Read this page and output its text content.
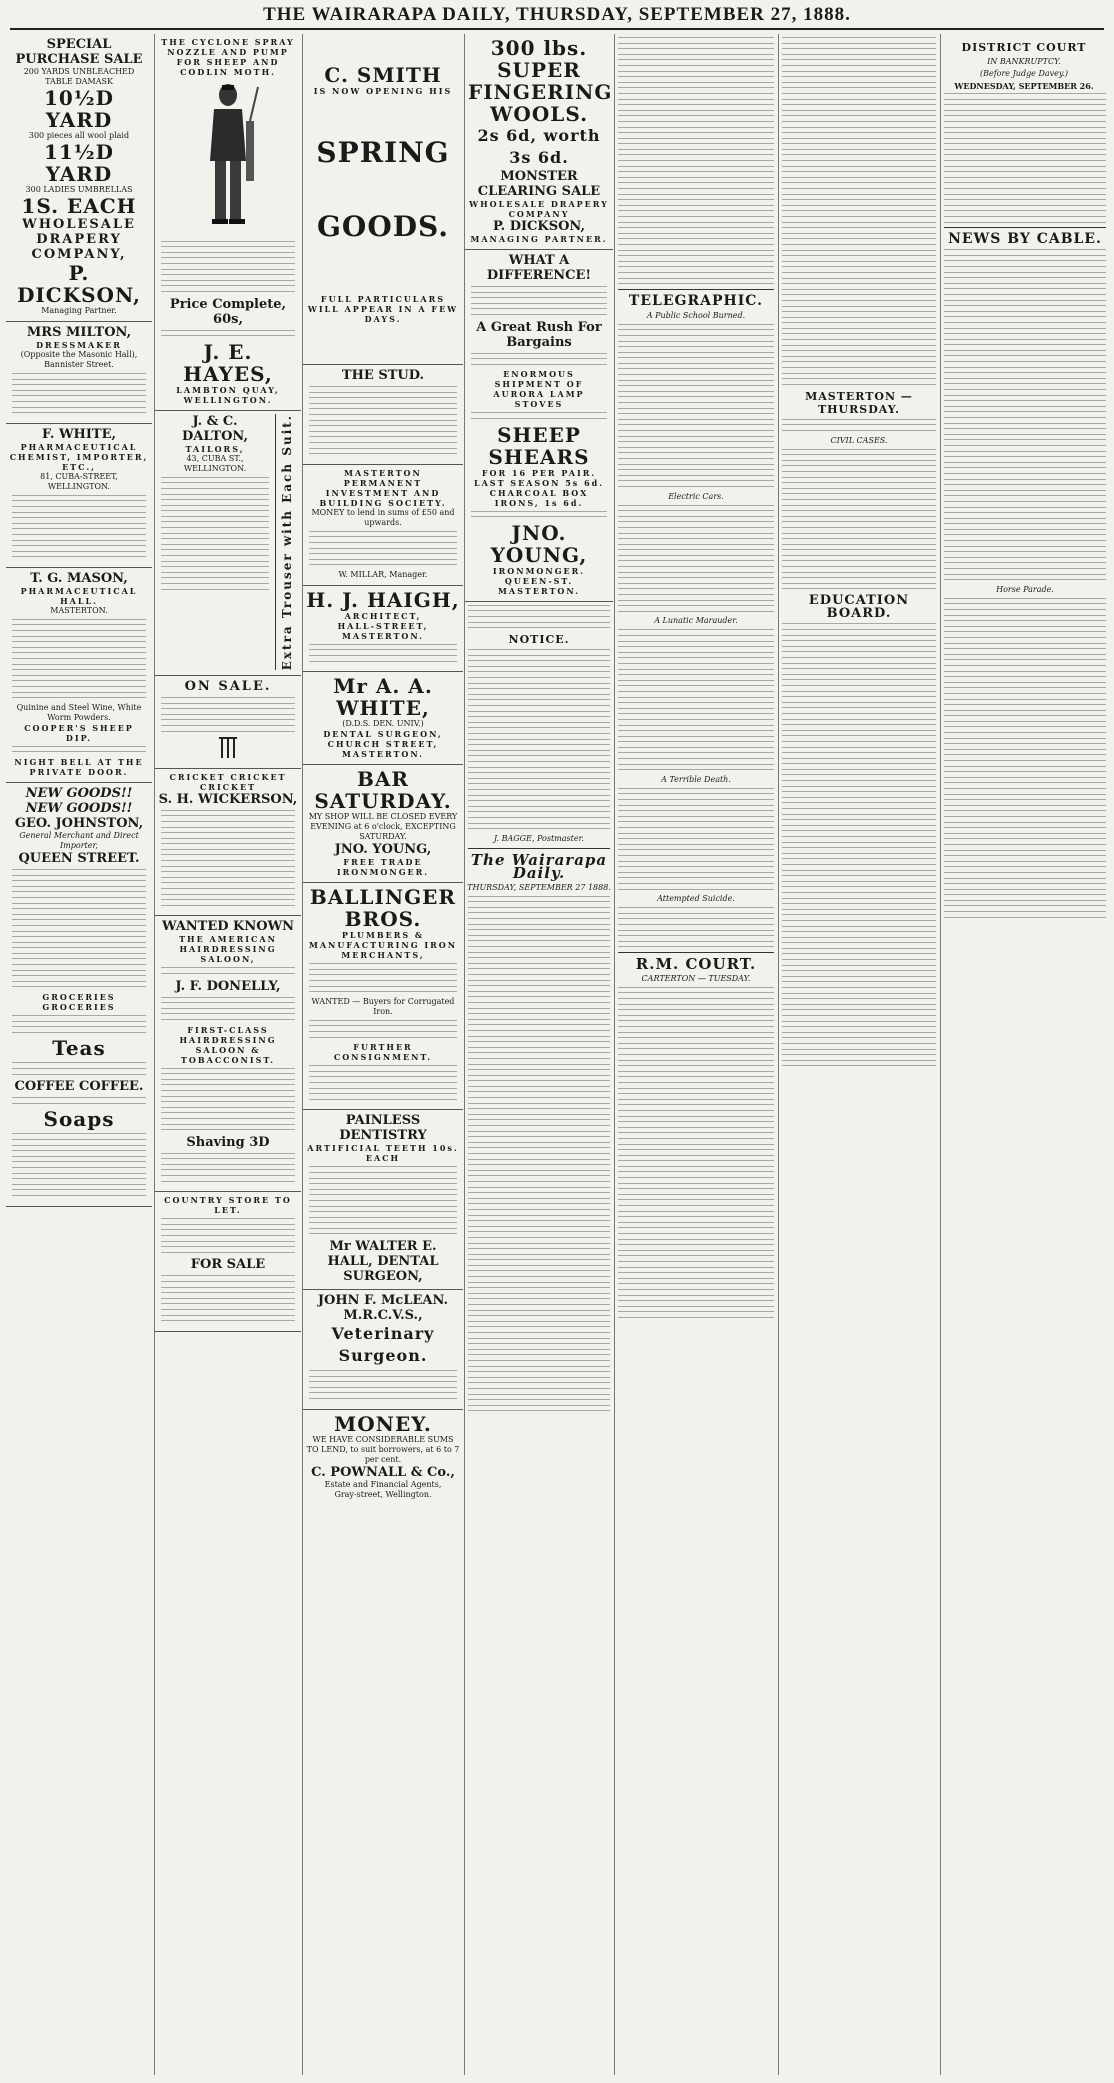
THE WAIRARAPA DAILY, THURSDAY, SEPTEMBER 27, 1888.
SPECIAL PURCHASE SALE
200 YARDS UNBLEACHED TABLE DAMASK
10½D YARD
300 pieces all wool plaid
11½D YARD
300 LADIES UMBRELLAS
1S. EACH
WHOLESALE DRAPERY COMPANY,
P. DICKSON,
Managing Partner.
MRS MILTON,
DRESSMAKER
(Opposite the Masonic Hall), Bannister Street.
F. WHITE,
PHARMACEUTICAL CHEMIST, IMPORTER, ETC.,
81, CUBA-STREET, WELLINGTON.
T. G. MASON,
PHARMACEUTICAL HALL.
MASTERTON.
Quinine and Steel Wine, White Worm Powders.
COOPER'S SHEEP DIP.
NIGHT BELL AT THE PRIVATE DOOR.
NEW GOODS!! NEW GOODS!!
GEO. JOHNSTON,
General Merchant and Direct Importer,
QUEEN STREET.
GROCERIES GROCERIES
Teas
COFFEE COFFEE.
Soaps
THE CYCLONE SPRAY NOZZLE AND PUMP FOR SHEEP AND CODLIN MOTH.
Price Complete, 60s,
J. E. HAYES,
LAMBTON QUAY, WELLINGTON.
J. & C. DALTON,
TAILORS,
43, CUBA ST., WELLINGTON.	Extra Trouser with Each Suit.
ON SALE.
CRICKET CRICKET CRICKET
S. H. WICKERSON,
WANTED KNOWN
THE AMERICAN HAIRDRESSING SALOON,
J. F. DONELLY,
FIRST-CLASS HAIRDRESSING SALOON & TOBACCONIST.
Shaving 3D
COUNTRY STORE TO LET.
FOR SALE
C. SMITH
IS NOW OPENING HIS
SPRING
GOODS.
FULL PARTICULARS WILL APPEAR IN A FEW DAYS.
THE STUD.
MASTERTON PERMANENT INVESTMENT AND BUILDING SOCIETY.
MONEY to lend in sums of £50 and upwards.
W. MILLAR, Manager.
H. J. HAIGH,
ARCHITECT,
HALL-STREET, MASTERTON.
Mr A. A. WHITE,
(D.D.S. DEN. UNIV.)
DENTAL SURGEON,
CHURCH STREET, MASTERTON.
BAR SATURDAY.
MY SHOP WILL BE CLOSED EVERY EVENING at 6 o'clock, EXCEPTING SATURDAY.
JNO. YOUNG,
FREE TRADE IRONMONGER.
BALLINGER BROS.
PLUMBERS & MANUFACTURING IRON MERCHANTS,
WANTED — Buyers for Corrugated Iron.
FURTHER CONSIGNMENT.
PAINLESS DENTISTRY
ARTIFICIAL TEETH 10s. EACH
Mr WALTER E. HALL, DENTAL SURGEON,
JOHN F. McLEAN. M.R.C.V.S.,
Veterinary Surgeon.
MONEY.
WE HAVE CONSIDERABLE SUMS TO LEND, to suit borrowers, at 6 to 7 per cent.
C. POWNALL & Co.,
Estate and Financial Agents,
Gray-street, Wellington.
300 lbs. SUPER FINGERING WOOLS.
2s 6d, worth 3s 6d.
MONSTER CLEARING SALE
WHOLESALE DRAPERY COMPANY
P. DICKSON,
MANAGING PARTNER.
WHAT A DIFFERENCE!
A Great Rush For Bargains
ENORMOUS SHIPMENT OF AURORA LAMP STOVES
SHEEP SHEARS
FOR 16 PER PAIR.
LAST SEASON 5s 6d.
CHARCOAL BOX IRONS, 1s 6d.
JNO. YOUNG,
IRONMONGER.
QUEEN-ST. MASTERTON.
NOTICE.
J. BAGGE, Postmaster.
The Wairarapa Daily.
THURSDAY, SEPTEMBER 27 1888.
TELEGRAPHIC.
A Public School Burned.
Electric Cars.
A Lunatic Marauder.
A Terrible Death.
Attempted Suicide.
R.M. COURT.
CARTERTON — TUESDAY.
MASTERTON — THURSDAY.
CIVIL CASES.
EDUCATION BOARD.
NEWS BY CABLE.
Horse Parade.
DISTRICT COURT
IN BANKRUPTCY.
(Before Judge Davey.)
WEDNESDAY, SEPTEMBER 26.
